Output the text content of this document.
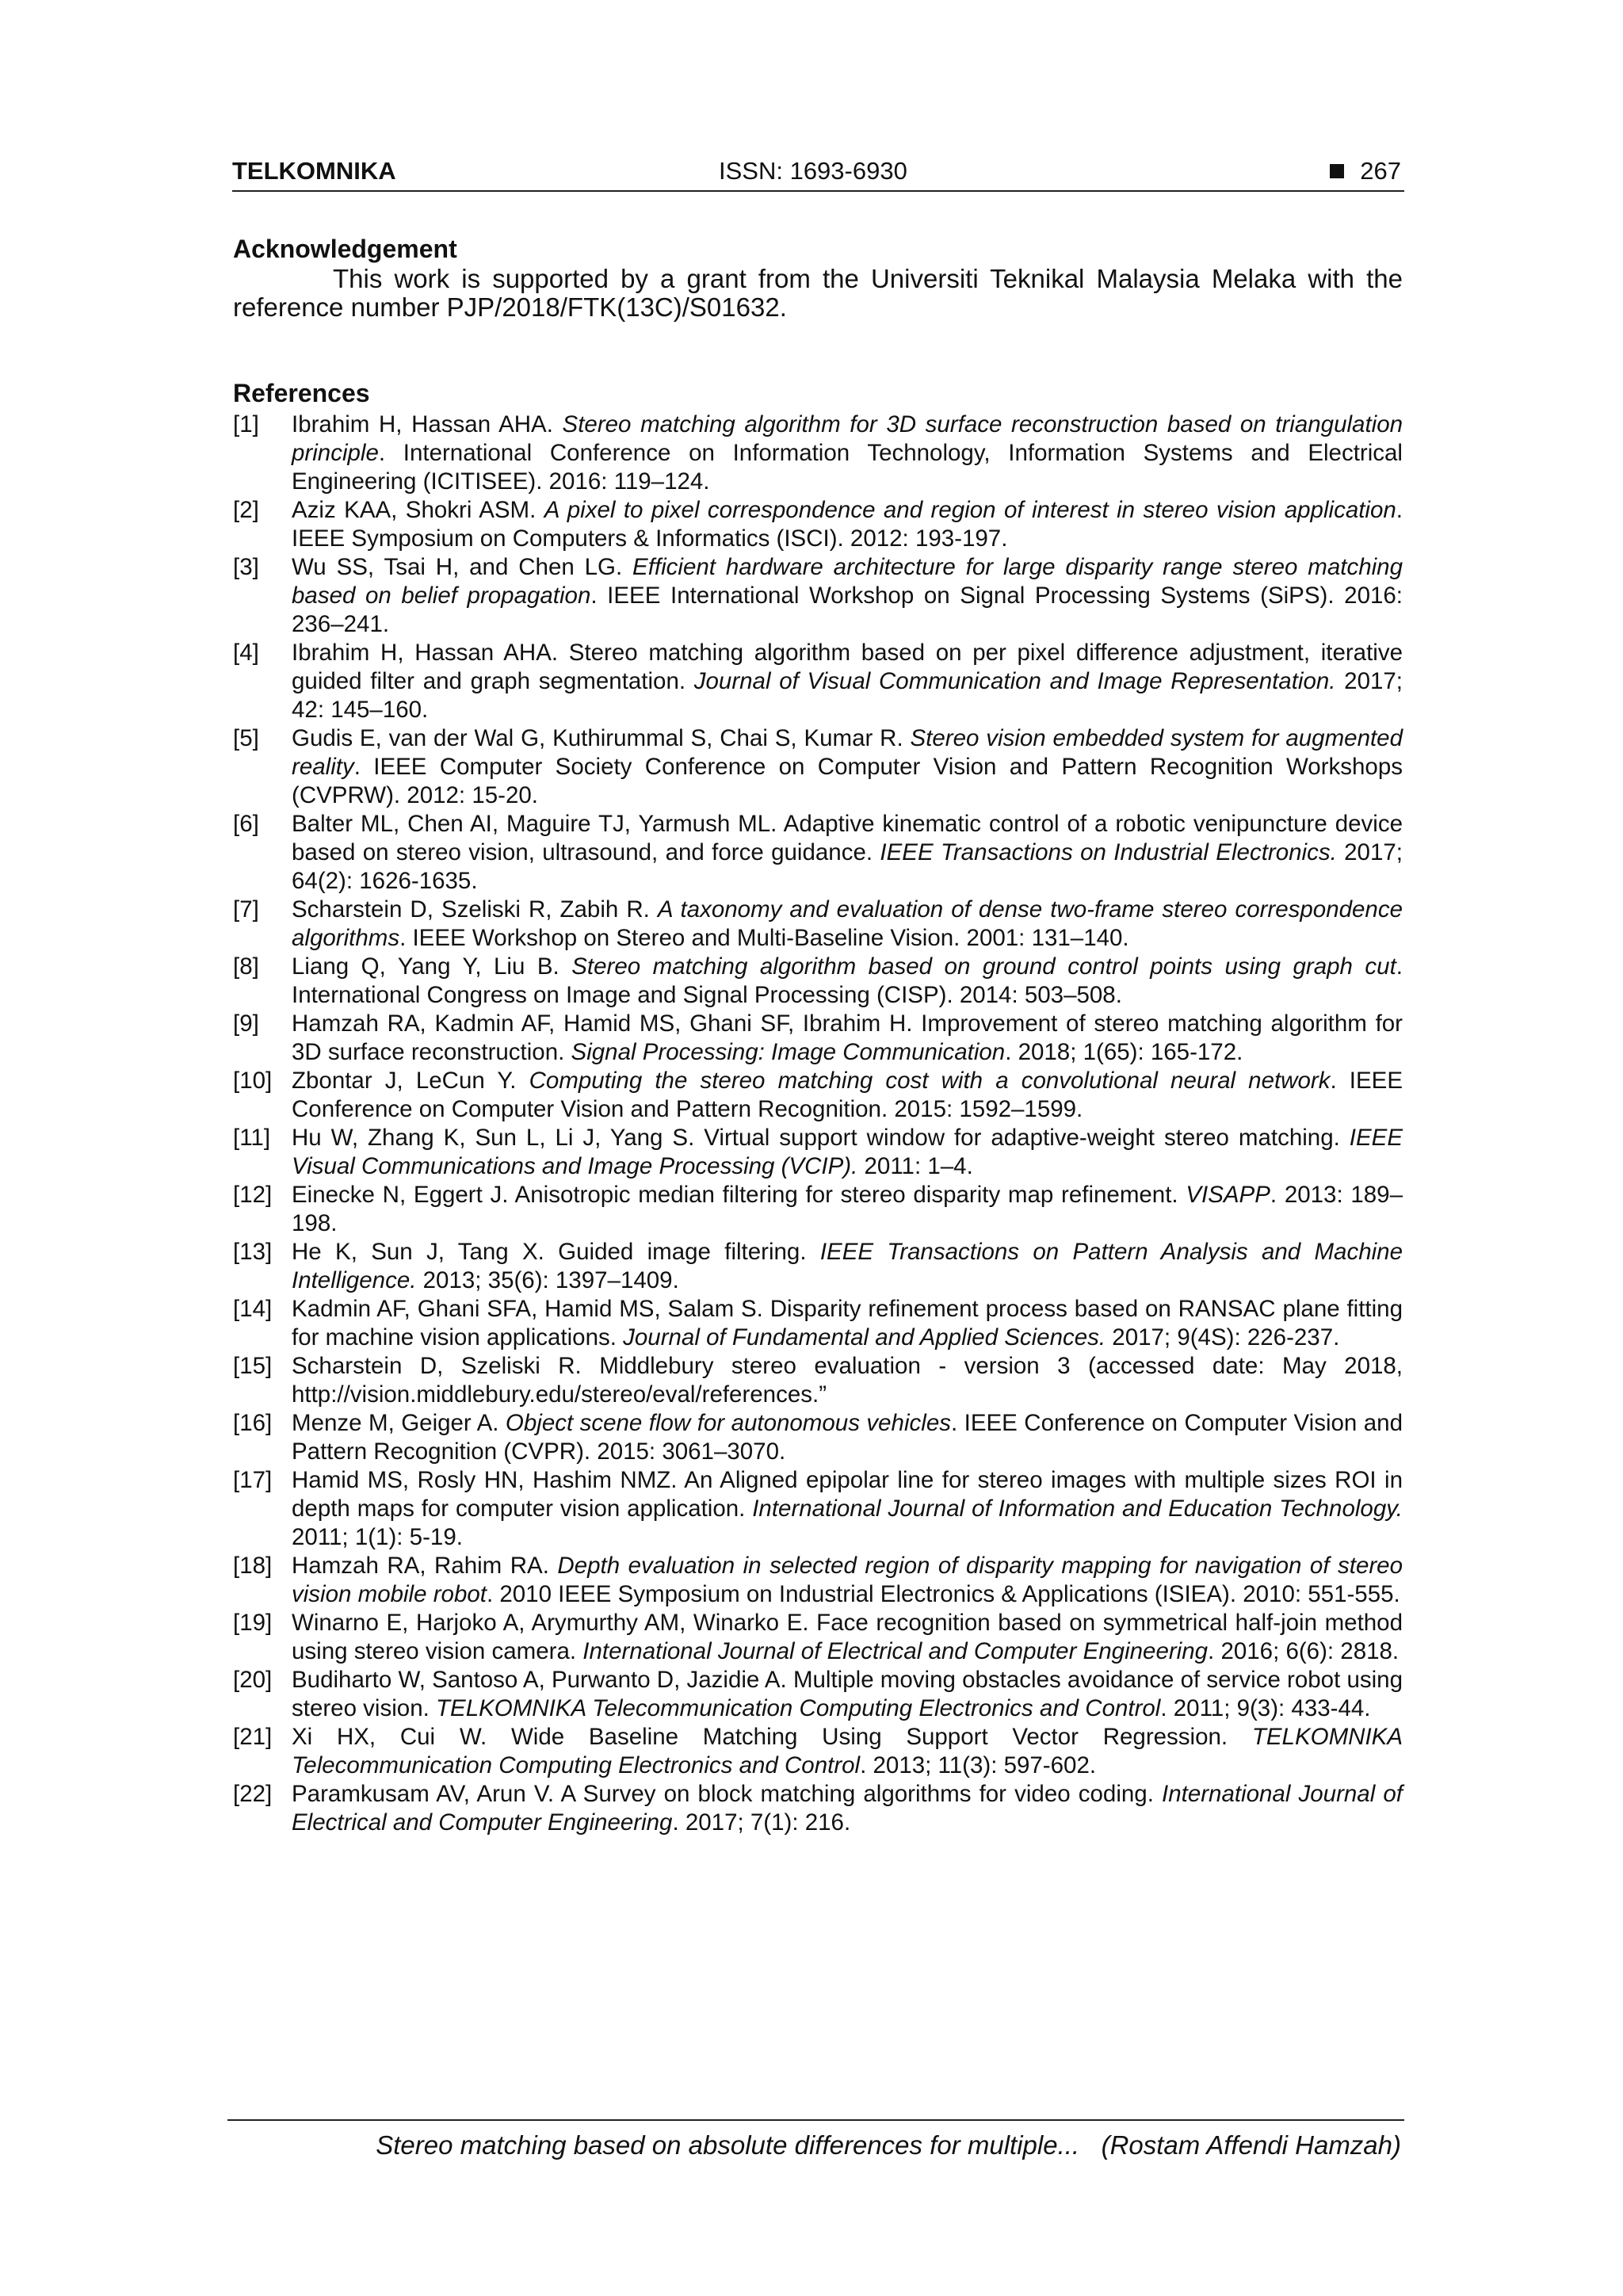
TELKOMNIKA	ISSN: 1693-6930	267
Acknowledgement

This work is supported by a grant from the Universiti Teknikal Malaysia Melaka with the reference number PJP/2018/FTK(13C)/S01632.

References
[1]	Ibrahim H, Hassan AHA. Stereo matching algorithm for 3D surface reconstruction based on triangulation principle. International Conference on Information Technology, Information Systems and Electrical Engineering (ICITISEE). 2016: 119–124.
[2]	Aziz KAA, Shokri ASM. A pixel to pixel correspondence and region of interest in stereo vision application. IEEE Symposium on Computers & Informatics (ISCI). 2012: 193-197.
[3]	Wu SS, Tsai H, and Chen LG. Efficient hardware architecture for large disparity range stereo matching based on belief propagation. IEEE International Workshop on Signal Processing Systems (SiPS). 2016: 236–241.
[4]	Ibrahim H, Hassan AHA. Stereo matching algorithm based on per pixel difference adjustment, iterative guided filter and graph segmentation. Journal of Visual Communication and Image Representation. 2017; 42: 145–160.
[5]	Gudis E, van der Wal G, Kuthirummal S, Chai S, Kumar R. Stereo vision embedded system for augmented reality. IEEE Computer Society Conference on Computer Vision and Pattern Recognition Workshops (CVPRW). 2012: 15-20.
[6]	Balter ML, Chen AI, Maguire TJ, Yarmush ML. Adaptive kinematic control of a robotic venipuncture device based on stereo vision, ultrasound, and force guidance. IEEE Transactions on Industrial Electronics. 2017; 64(2): 1626-1635.
[7]	Scharstein D, Szeliski R, Zabih R. A taxonomy and evaluation of dense two-frame stereo correspondence algorithms. IEEE Workshop on Stereo and Multi-Baseline Vision. 2001: 131–140.
[8]	Liang Q, Yang Y, Liu B. Stereo matching algorithm based on ground control points using graph cut. International Congress on Image and Signal Processing (CISP). 2014: 503–508.
[9]	Hamzah RA, Kadmin AF, Hamid MS, Ghani SF, Ibrahim H. Improvement of stereo matching algorithm for 3D surface reconstruction. Signal Processing: Image Communication. 2018; 1(65): 165-172.
[10] Zbontar J, LeCun Y. Computing the stereo matching cost with a convolutional neural network. IEEE Conference on Computer Vision and Pattern Recognition. 2015: 1592–1599.
[11] Hu W, Zhang K, Sun L, Li J, Yang S. Virtual support window for adaptive-weight stereo matching. IEEE Visual Communications and Image Processing (VCIP). 2011: 1–4.
[12] Einecke N, Eggert J. Anisotropic median filtering for stereo disparity map refinement. VISAPP. 2013: 189–198.
[13] He K, Sun J, Tang X. Guided image filtering. IEEE Transactions on Pattern Analysis and Machine Intelligence. 2013; 35(6): 1397–1409.
[14] Kadmin AF, Ghani SFA, Hamid MS, Salam S. Disparity refinement process based on RANSAC plane fitting for machine vision applications. Journal of Fundamental and Applied Sciences. 2017; 9(4S): 226-237.
[15] Scharstein D, Szeliski R. Middlebury stereo evaluation - version 3 (accessed date: May 2018, http://vision.middlebury.edu/stereo/eval/references.”
[16] Menze M, Geiger A. Object scene flow for autonomous vehicles. IEEE Conference on Computer Vision and Pattern Recognition (CVPR). 2015: 3061–3070.
[17] Hamid MS, Rosly HN, Hashim NMZ. An Aligned epipolar line for stereo images with multiple sizes ROI in depth maps for computer vision application. International Journal of Information and Education Technology. 2011; 1(1): 5-19.
[18] Hamzah RA, Rahim RA. Depth evaluation in selected region of disparity mapping for navigation of stereo vision mobile robot. 2010 IEEE Symposium on Industrial Electronics & Applications (ISIEA). 2010: 551-555.
[19] Winarno E, Harjoko A, Arymurthy AM, Winarko E. Face recognition based on symmetrical half-join method using stereo vision camera. International Journal of Electrical and Computer Engineering. 2016; 6(6): 2818.
[20] Budiharto W, Santoso A, Purwanto D, Jazidie A. Multiple moving obstacles avoidance of service robot using stereo vision. TELKOMNIKA Telecommunication Computing Electronics and Control. 2011; 9(3): 433-44.
[21] Xi HX, Cui W. Wide Baseline Matching Using Support Vector Regression. TELKOMNIKA Telecommunication Computing Electronics and Control. 2013; 11(3): 597-602.
[22] Paramkusam AV, Arun V. A Survey on block matching algorithms for video coding. International Journal of Electrical and Computer Engineering. 2017; 7(1): 216.
Stereo matching based on absolute differences for multiple... (Rostam Affendi Hamzah)
